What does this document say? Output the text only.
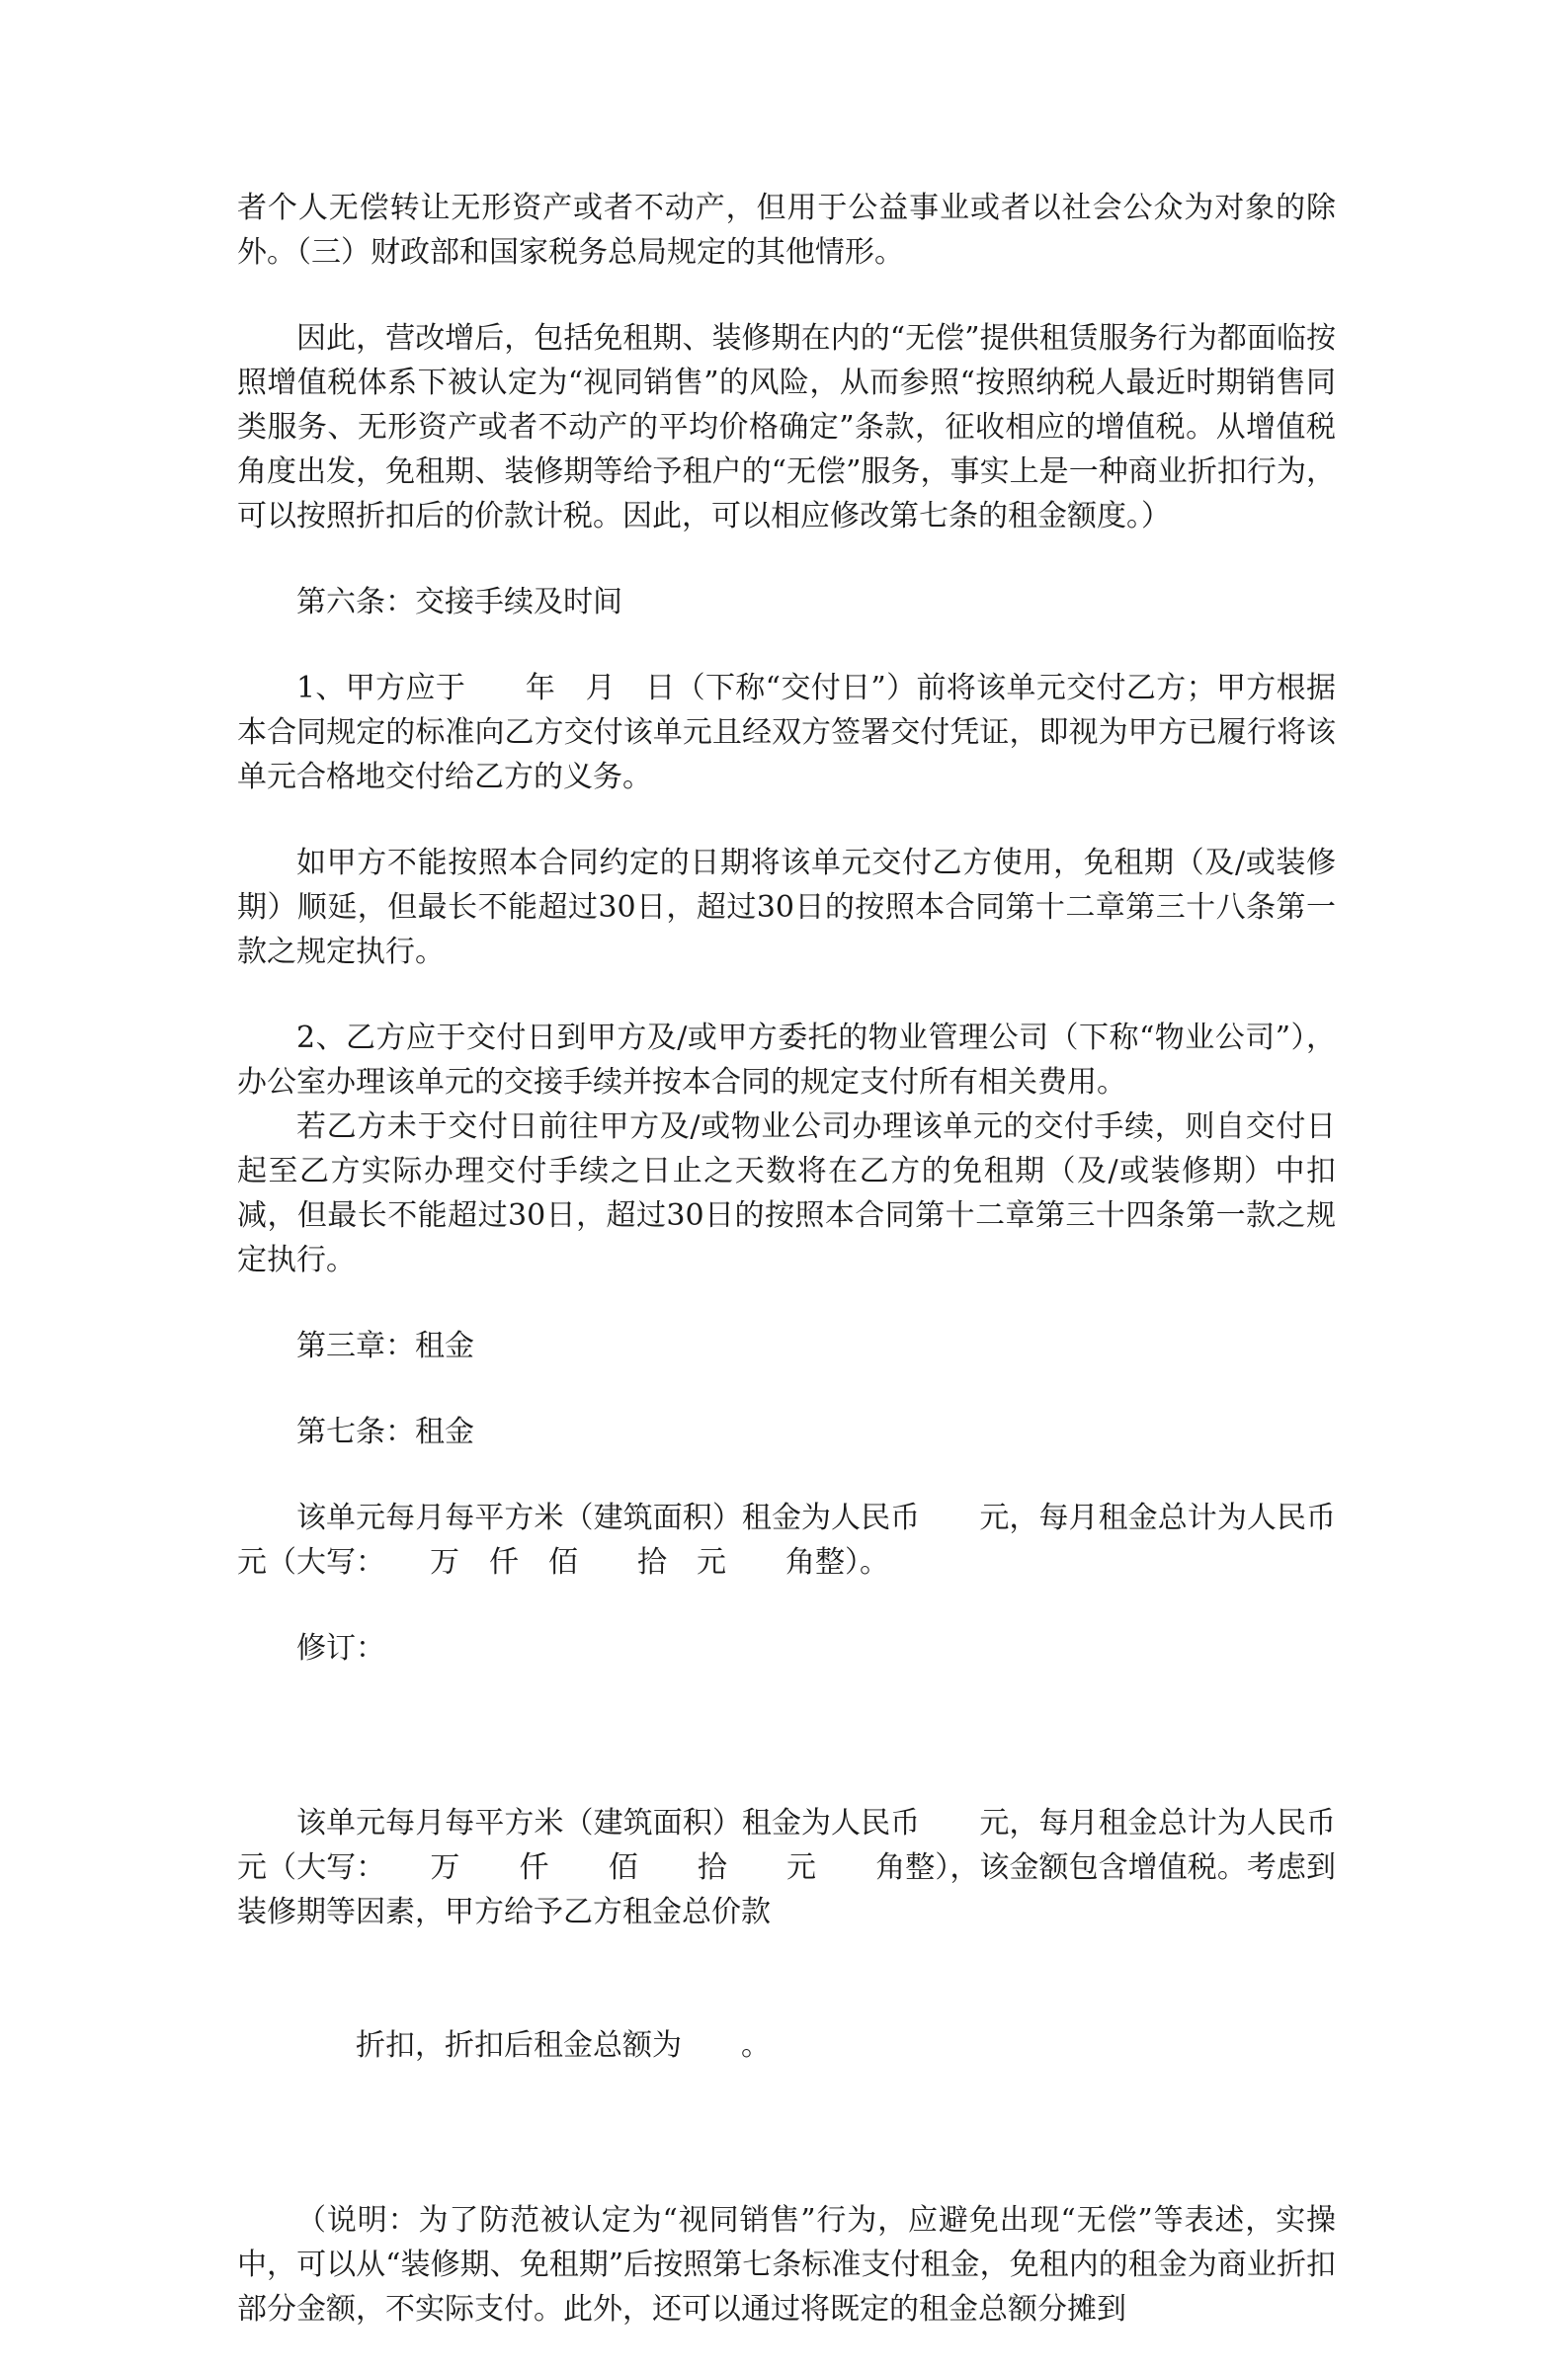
者个人无偿转让无形资产或者不动产，但用于公益事业或者以社会公众为对象的除外。（三）财政部和国家税务总局规定的其他情形。

因此，营改增后，包括免租期、装修期在内的“无偿”提供租赁服务行为都面临按照增值税体系下被认定为“视同销售”的风险，从而参照“按照纳税人最近时期销售同类服务、无形资产或者不动产的平均价格确定”条款，征收相应的增值税。从增值税角度出发，免租期、装修期等给予租户的“无偿”服务，事实上是一种商业折扣行为，可以按照折扣后的价款计税。因此，可以相应修改第七条的租金额度。）

第六条：交接手续及时间

1、甲方应于　　年　月　日（下称“交付日”）前将该单元交付乙方；甲方根据本合同规定的标准向乙方交付该单元且经双方签署交付凭证，即视为甲方已履行将该单元合格地交付给乙方的义务。

如甲方不能按照本合同约定的日期将该单元交付乙方使用，免租期（及/或装修期）顺延，但最长不能超过30日，超过30日的按照本合同第十二章第三十八条第一款之规定执行。

2、乙方应于交付日到甲方及/或甲方委托的物业管理公司（下称“物业公司”），办公室办理该单元的交接手续并按本合同的规定支付所有相关费用。

若乙方未于交付日前往甲方及/或物业公司办理该单元的交付手续，则自交付日起至乙方实际办理交付手续之日止之天数将在乙方的免租期（及/或装修期）中扣减，但最长不能超过30日，超过30日的按照本合同第十二章第三十四条第一款之规定执行。

第三章：租金

第七条：租金

该单元每月每平方米（建筑面积）租金为人民币　　元，每月租金总计为人民币　　元（大写：　　万　仟　佰　　拾　元　　角整）。

修订：

该单元每月每平方米（建筑面积）租金为人民币　　元，每月租金总计为人民币　　元（大写：　　万　　仟　　佰　　拾　　元　　角整），该金额包含增值税。考虑到装修期等因素，甲方给予乙方租金总价款

折扣，折扣后租金总额为　　。

（说明：为了防范被认定为“视同销售”行为，应避免出现“无偿”等表述，实操中，可以从“装修期、免租期”后按照第七条标准支付租金，免租内的租金为商业折扣部分金额，不实际支付。此外，还可以通过将既定的租金总额分摊到
